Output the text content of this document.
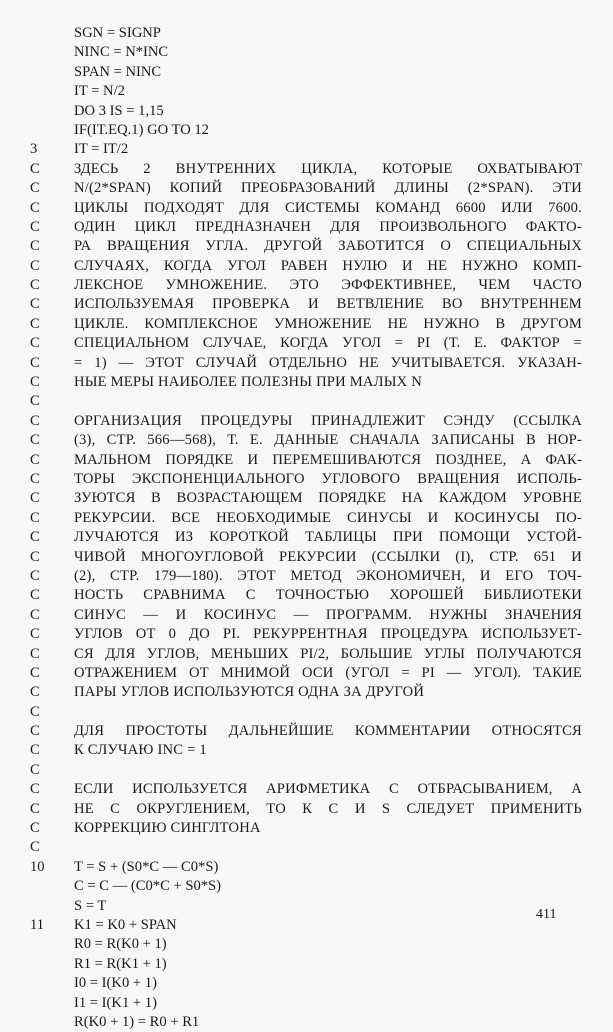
SGN = SIGNP
NINC = N*INC
SPAN = NINC
IT = N/2
DO 3 IS = 1,15
IF(IT.EQ.1) GO TO 12
3	IT = IT/2
C	ЗДЕСЬ 2 ВНУТРЕННИХ ЦИКЛА, КОТОРЫЕ ОХВАТЫВАЮТ
C	N/(2*SPAN) КОПИЙ ПРЕОБРАЗОВАНИЙ ДЛИНЫ (2*SPAN). ЭТИ
C	ЦИКЛЫ ПОДХОДЯТ ДЛЯ СИСТЕМЫ КОМАНД 6600 ИЛИ 7600.
C	ОДИН ЦИКЛ ПРЕДНАЗНАЧЕН ДЛЯ ПРОИЗВОЛЬНОГО ФАКТО-
C	РА ВРАЩЕНИЯ УГЛА. ДРУГОЙ ЗАБОТИТСЯ О СПЕЦИАЛЬНЫХ
C	СЛУЧАЯХ, КОГДА УГОЛ РАВЕН НУЛЮ И НЕ НУЖНО КОМП-
C	ЛЕКСНОЕ УМНОЖЕНИЕ. ЭТО ЭФФЕКТИВНЕЕ, ЧЕМ ЧАСТО
C	ИСПОЛЬЗУЕМАЯ ПРОВЕРКА И ВЕТВЛЕНИЕ ВО ВНУТРЕННЕМ
C	ЦИКЛЕ. КОМПЛЕКСНОЕ УМНОЖЕНИЕ НЕ НУЖНО В ДРУГОМ
C	СПЕЦИАЛЬНОМ СЛУЧАЕ, КОГДА УГОЛ = PI (Т. Е. ФАКТОР =
C	= 1) — ЭТОТ СЛУЧАЙ ОТДЕЛЬНО НЕ УЧИТЫВАЕТСЯ. УКАЗАН-
C	НЫЕ МЕРЫ НАИБОЛЕЕ ПОЛЕЗНЫ ПРИ МАЛЫХ N
C
C	ОРГАНИЗАЦИЯ ПРОЦЕДУРЫ ПРИНАДЛЕЖИТ СЭНДУ (ССЫЛКА
C	(3), СТР. 566—568), Т. Е. ДАННЫЕ СНАЧАЛА ЗАПИСАНЫ В НОР-
C	МАЛЬНОМ ПОРЯДКЕ И ПЕРЕМЕШИВАЮТСЯ ПОЗДНЕЕ, А ФАК-
C	ТОРЫ ЭКСПОНЕНЦИАЛЬНОГО УГЛОВОГО ВРАЩЕНИЯ ИСПОЛЬ-
C	ЗУЮТСЯ В ВОЗРАСТАЮЩЕМ ПОРЯДКЕ НА КАЖДОМ УРОВНЕ
C	РЕКУРСИИ. ВСЕ НЕОБХОДИМЫЕ СИНУСЫ И КОСИНУСЫ ПО-
C	ЛУЧАЮТСЯ ИЗ КОРОТКОЙ ТАБЛИЦЫ ПРИ ПОМОЩИ УСТОЙ-
C	ЧИВОЙ МНОГОУГЛОВОЙ РЕКУРСИИ (ССЫЛКИ (I), СТР. 651 И
C	(2), СТР. 179—180). ЭТОТ МЕТОД ЭКОНОМИЧЕН, И ЕГО ТОЧ-
C	НОСТЬ СРАВНИМА С ТОЧНОСТЬЮ ХОРОШЕЙ БИБЛИОТЕКИ
C	СИНУС — И КОСИНУС — ПРОГРАММ. НУЖНЫ ЗНАЧЕНИЯ
C	УГЛОВ ОТ 0 ДО PI. РЕКУРРЕНТНАЯ ПРОЦЕДУРА ИСПОЛЬЗУЕТ-
C	СЯ ДЛЯ УГЛОВ, МЕНЬШИХ PI/2, БОЛЬШИЕ УГЛЫ ПОЛУЧАЮТСЯ
C	ОТРАЖЕНИЕМ ОТ МНИМОЙ ОСИ (УГОЛ = PI — УГОЛ). ТАКИЕ
C	ПАРЫ УГЛОВ ИСПОЛЬЗУЮТСЯ ОДНА ЗА ДРУГОЙ
C
C	ДЛЯ ПРОСТОТЫ ДАЛЬНЕЙШИЕ КОММЕНТАРИИ ОТНОСЯТСЯ
C	К СЛУЧАЮ INC = 1
C
C	ЕСЛИ ИСПОЛЬЗУЕТСЯ АРИФМЕТИКА С ОТБРАСЫВАНИЕМ, А
C	НЕ С ОКРУГЛЕНИЕМ, ТО К С И S СЛЕДУЕТ ПРИМЕНИТЬ
C	КОРРЕКЦИЮ СИНГЛТОНА
C
10	T = S + (S0*C — C0*S)
C = C — (C0*C + S0*S)
S = T
11	K1 = K0 + SPAN
R0 = R(K0 + 1)
R1 = R(K1 + 1)
I0 = I(K0 + 1)
I1 = I(K1 + 1)
R(K0 + 1) = R0 + R1
411
